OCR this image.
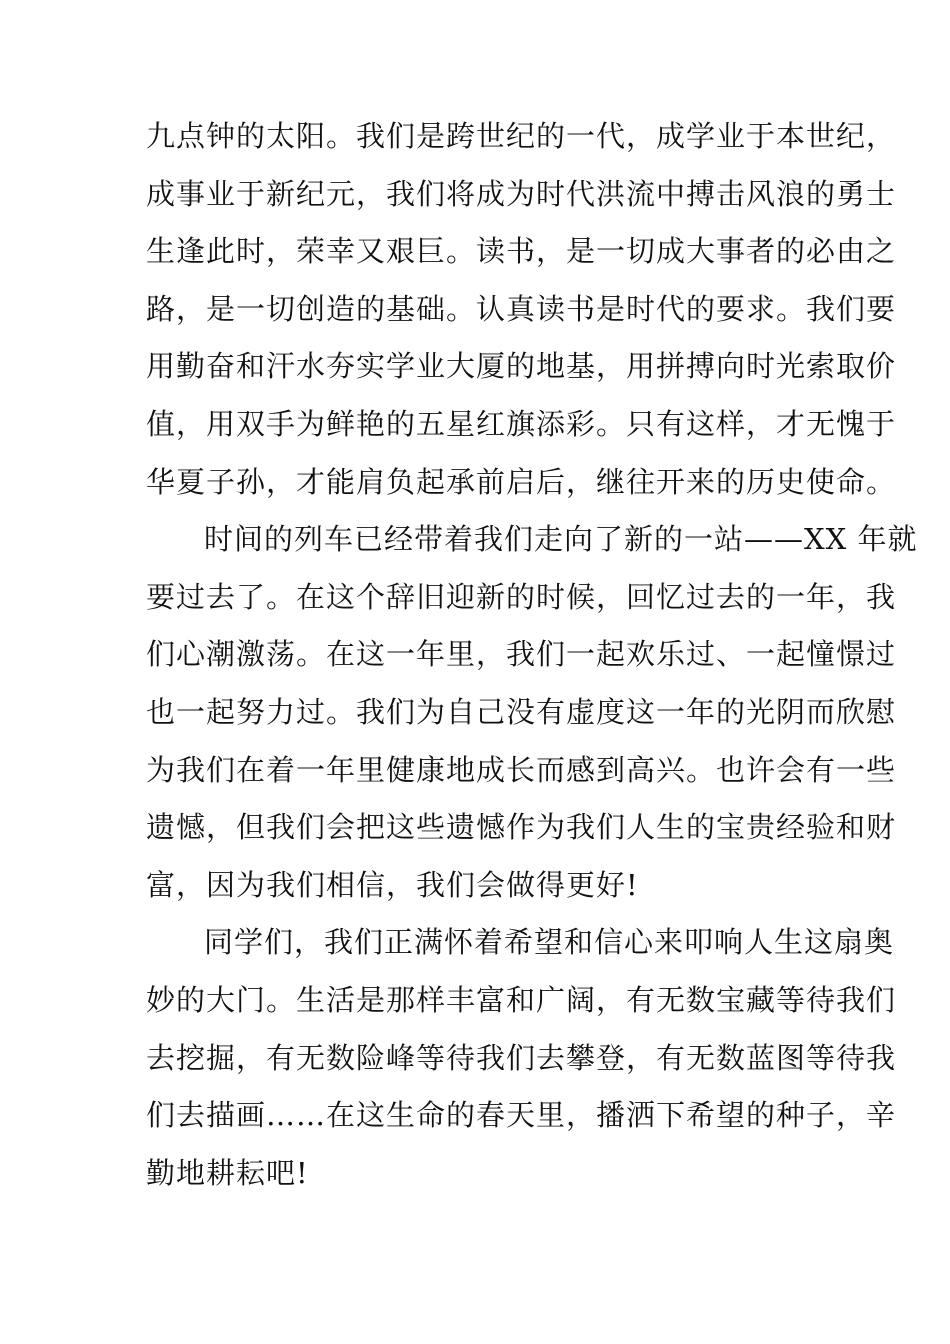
九点钟的太阳。我们是跨世纪的一代，成学业于本世纪，
成事业于新纪元，我们将成为时代洪流中搏击风浪的勇士
生逢此时，荣幸又艰巨。读书，是一切成大事者的必由之
路，是一切创造的基础。认真读书是时代的要求。我们要
用勤奋和汗水夯实学业大厦的地基，用拼搏向时光索取价
值，用双手为鲜艳的五星红旗添彩。只有这样，才无愧于
华夏子孙，才能肩负起承前启后，继往开来的历史使命。
时间的列车已经带着我们走向了新的一站——XX 年就
要过去了。在这个辞旧迎新的时候，回忆过去的一年，我
们心潮激荡。在这一年里，我们一起欢乐过、一起憧憬过
也一起努力过。我们为自己没有虚度这一年的光阴而欣慰
为我们在着一年里健康地成长而感到高兴。也许会有一些
遗憾，但我们会把这些遗憾作为我们人生的宝贵经验和财
富，因为我们相信，我们会做得更好!
同学们，我们正满怀着希望和信心来叩响人生这扇奥
妙的大门。生活是那样丰富和广阔，有无数宝藏等待我们
去挖掘，有无数险峰等待我们去攀登，有无数蓝图等待我
们去描画……在这生命的春天里，播洒下希望的种子，辛
勤地耕耘吧!
